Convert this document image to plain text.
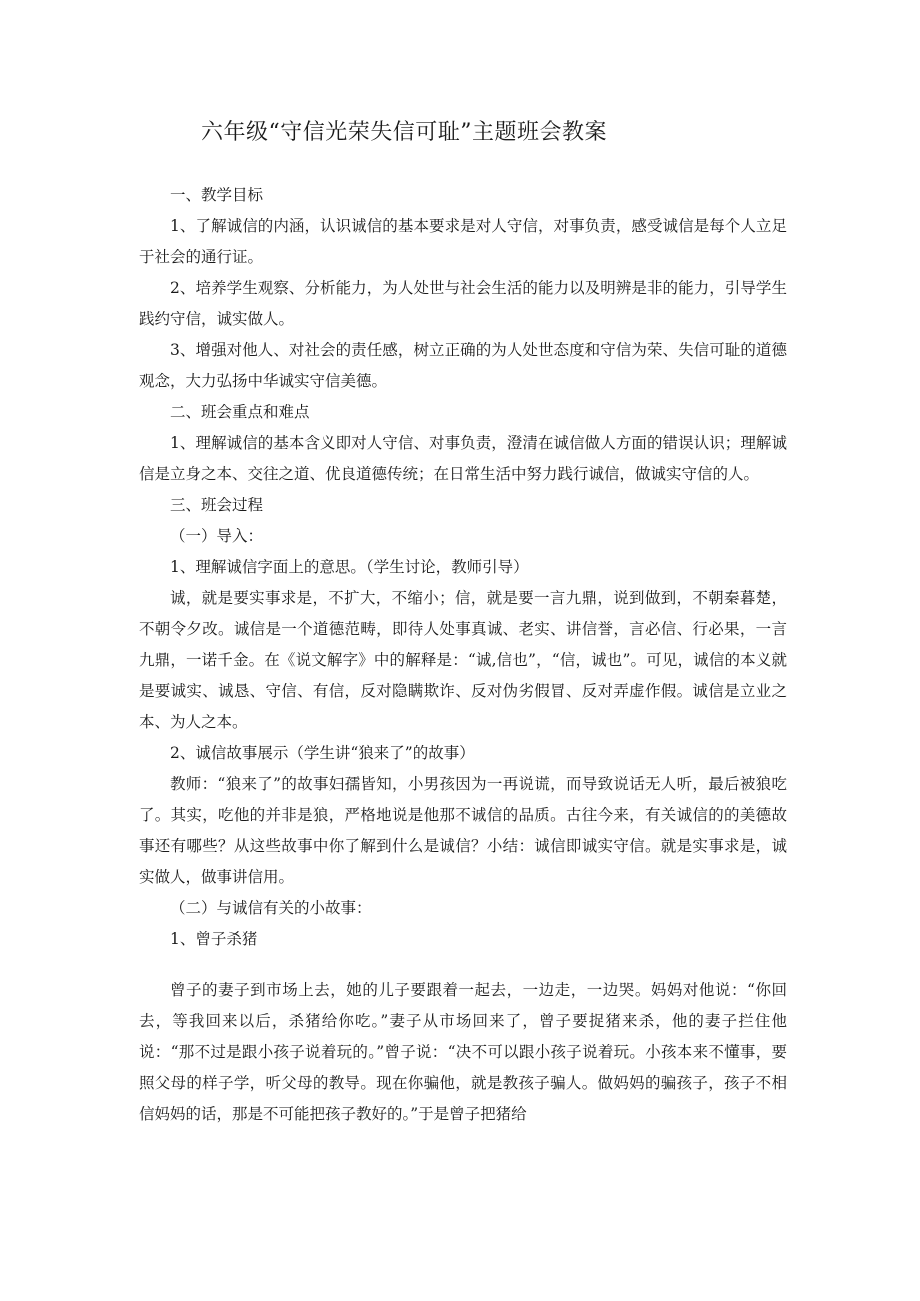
六年级“守信光荣失信可耻”主题班会教案

一、教学目标

1、了解诚信的内涵，认识诚信的基本要求是对人守信，对事负责，感受诚信是每个人立足于社会的通行证。

2、培养学生观察、分析能力，为人处世与社会生活的能力以及明辨是非的能力，引导学生践约守信，诚实做人。

3、增强对他人、对社会的责任感，树立正确的为人处世态度和守信为荣、失信可耻的道德观念，大力弘扬中华诚实守信美德。

二、班会重点和难点

1、理解诚信的基本含义即对人守信、对事负责，澄清在诚信做人方面的错误认识；理解诚信是立身之本、交往之道、优良道德传统；在日常生活中努力践行诚信，做诚实守信的人。

三、班会过程

（一）导入：

1、理解诚信字面上的意思。（学生讨论，教师引导）

诚，就是要实事求是，不扩大，不缩小；信，就是要一言九鼎，说到做到，不朝秦暮楚，不朝令夕改。诚信是一个道德范畴，即待人处事真诚、老实、讲信誉，言必信、行必果，一言九鼎，一诺千金。在《说文解字》中的解释是：“诚,信也”，“信，诚也”。可见，诚信的本义就是要诚实、诚恳、守信、有信，反对隐瞒欺诈、反对伪劣假冒、反对弄虚作假。诚信是立业之本、为人之本。

2、诚信故事展示（学生讲“狼来了”的故事）

教师：“狼来了”的故事妇孺皆知，小男孩因为一再说谎，而导致说话无人听，最后被狼吃了。其实，吃他的并非是狼，严格地说是他那不诚信的品质。古往今来，有关诚信的的美德故事还有哪些？从这些故事中你了解到什么是诚信？小结：诚信即诚实守信。就是实事求是，诚实做人，做事讲信用。

（二）与诚信有关的小故事：

1、曾子杀猪

曾子的妻子到市场上去，她的儿子要跟着一起去，一边走，一边哭。妈妈对他说：“你回去，等我回来以后，杀猪给你吃。”妻子从市场回来了，曾子要捉猪来杀，他的妻子拦住他说：“那不过是跟小孩子说着玩的。”曾子说：“决不可以跟小孩子说着玩。小孩本来不懂事，要照父母的样子学，听父母的教导。现在你骗他，就是教孩子骗人。做妈妈的骗孩子，孩子不相信妈妈的话，那是不可能把孩子教好的。”于是曾子把猪给
